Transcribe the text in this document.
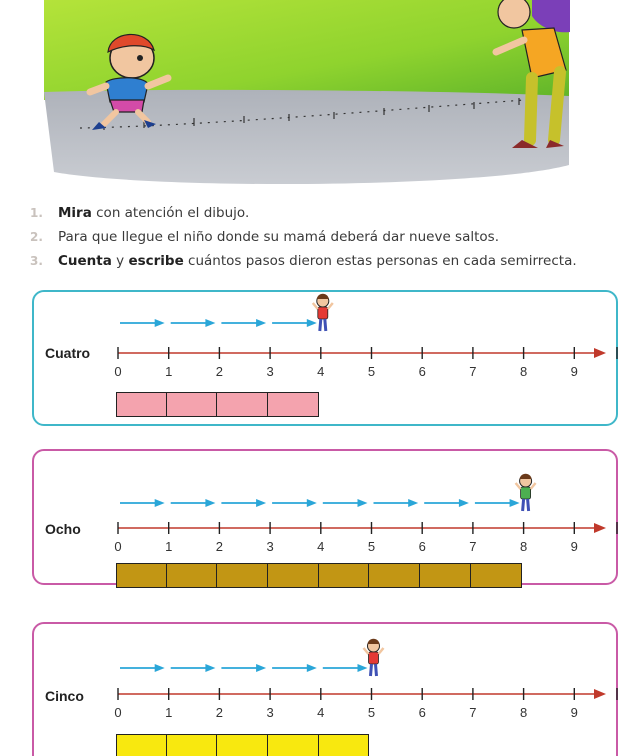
1.	Mira con atención el dibujo.
2.	Para que llegue el niño donde su mamá deberá dar nueve saltos.
3.	Cuenta y escribe cuántos pasos dieron estas personas en cada semirrecta.
Cuatro
0	1	2	3	4	5	6	7	8	9
Ocho
0	1	2	3	4	5	6	7	8	9
Cinco
0	1	2	3	4	5	6	7	8	9
